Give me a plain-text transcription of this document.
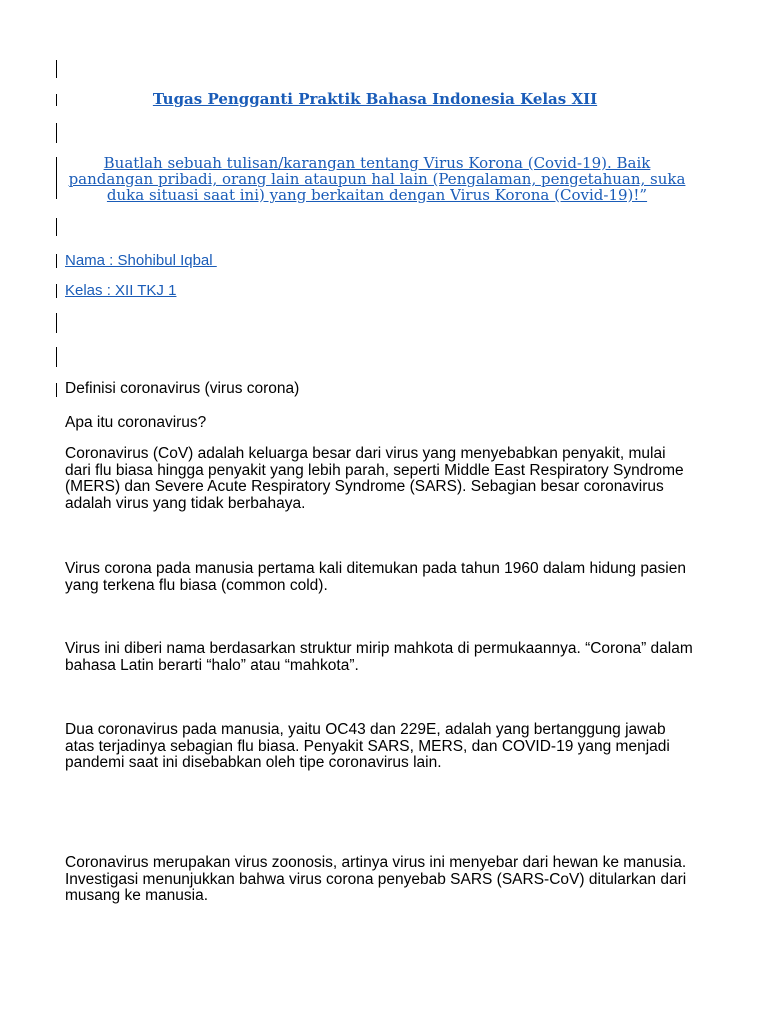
Tugas Pengganti Praktik Bahasa Indonesia Kelas XII

Buatlah sebuah tulisan/karangan tentang Virus Korona (Covid-19). Baik pandangan pribadi, orang lain ataupun hal lain (Pengalaman, pengetahuan, suka duka situasi saat ini) yang berkaitan dengan Virus Korona (Covid-19)!”

Nama : Shohibul Iqbal

Kelas : XII TKJ 1

Definisi coronavirus (virus corona)

Apa itu coronavirus?

Coronavirus (CoV) adalah keluarga besar dari virus yang menyebabkan penyakit, mulai dari flu biasa hingga penyakit yang lebih parah, seperti Middle East Respiratory Syndrome (MERS) dan Severe Acute Respiratory Syndrome (SARS). Sebagian besar coronavirus adalah virus yang tidak berbahaya.

Virus corona pada manusia pertama kali ditemukan pada tahun 1960 dalam hidung pasien yang terkena flu biasa (common cold).

Virus ini diberi nama berdasarkan struktur mirip mahkota di permukaannya. “Corona” dalam bahasa Latin berarti “halo” atau “mahkota”.

Dua coronavirus pada manusia, yaitu OC43 dan 229E, adalah yang bertanggung jawab atas terjadinya sebagian flu biasa. Penyakit SARS, MERS, dan COVID-19 yang menjadi pandemi saat ini disebabkan oleh tipe coronavirus lain.

Coronavirus merupakan virus zoonosis, artinya virus ini menyebar dari hewan ke manusia. Investigasi menunjukkan bahwa virus corona penyebab SARS (SARS-CoV) ditularkan dari musang ke manusia.
